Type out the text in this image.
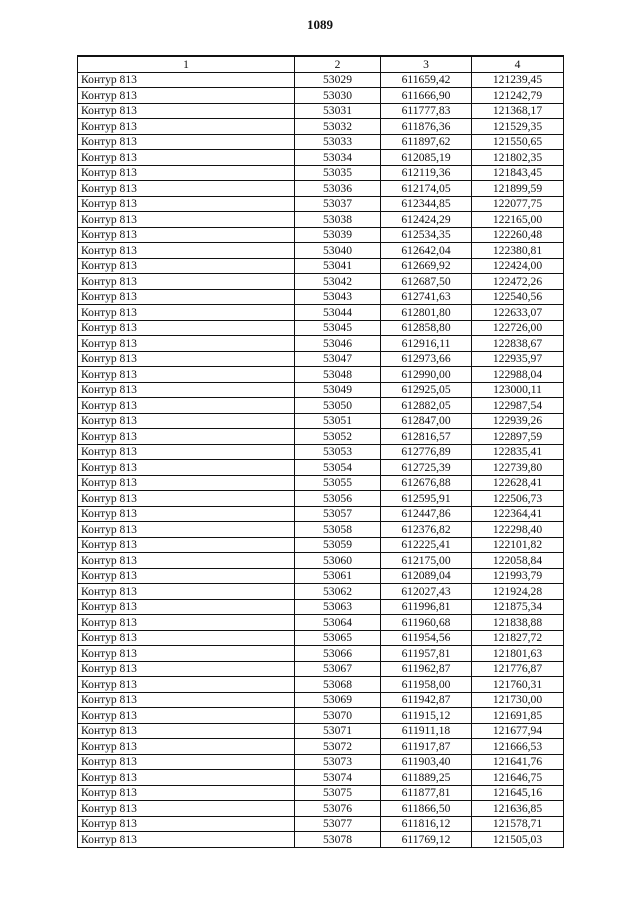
1089
1	2	3	4
Контур 813	53029	611659,42	121239,45
Контур 813	53030	611666,90	121242,79
Контур 813	53031	611777,83	121368,17
Контур 813	53032	611876,36	121529,35
Контур 813	53033	611897,62	121550,65
Контур 813	53034	612085,19	121802,35
Контур 813	53035	612119,36	121843,45
Контур 813	53036	612174,05	121899,59
Контур 813	53037	612344,85	122077,75
Контур 813	53038	612424,29	122165,00
Контур 813	53039	612534,35	122260,48
Контур 813	53040	612642,04	122380,81
Контур 813	53041	612669,92	122424,00
Контур 813	53042	612687,50	122472,26
Контур 813	53043	612741,63	122540,56
Контур 813	53044	612801,80	122633,07
Контур 813	53045	612858,80	122726,00
Контур 813	53046	612916,11	122838,67
Контур 813	53047	612973,66	122935,97
Контур 813	53048	612990,00	122988,04
Контур 813	53049	612925,05	123000,11
Контур 813	53050	612882,05	122987,54
Контур 813	53051	612847,00	122939,26
Контур 813	53052	612816,57	122897,59
Контур 813	53053	612776,89	122835,41
Контур 813	53054	612725,39	122739,80
Контур 813	53055	612676,88	122628,41
Контур 813	53056	612595,91	122506,73
Контур 813	53057	612447,86	122364,41
Контур 813	53058	612376,82	122298,40
Контур 813	53059	612225,41	122101,82
Контур 813	53060	612175,00	122058,84
Контур 813	53061	612089,04	121993,79
Контур 813	53062	612027,43	121924,28
Контур 813	53063	611996,81	121875,34
Контур 813	53064	611960,68	121838,88
Контур 813	53065	611954,56	121827,72
Контур 813	53066	611957,81	121801,63
Контур 813	53067	611962,87	121776,87
Контур 813	53068	611958,00	121760,31
Контур 813	53069	611942,87	121730,00
Контур 813	53070	611915,12	121691,85
Контур 813	53071	611911,18	121677,94
Контур 813	53072	611917,87	121666,53
Контур 813	53073	611903,40	121641,76
Контур 813	53074	611889,25	121646,75
Контур 813	53075	611877,81	121645,16
Контур 813	53076	611866,50	121636,85
Контур 813	53077	611816,12	121578,71
Контур 813	53078	611769,12	121505,03
